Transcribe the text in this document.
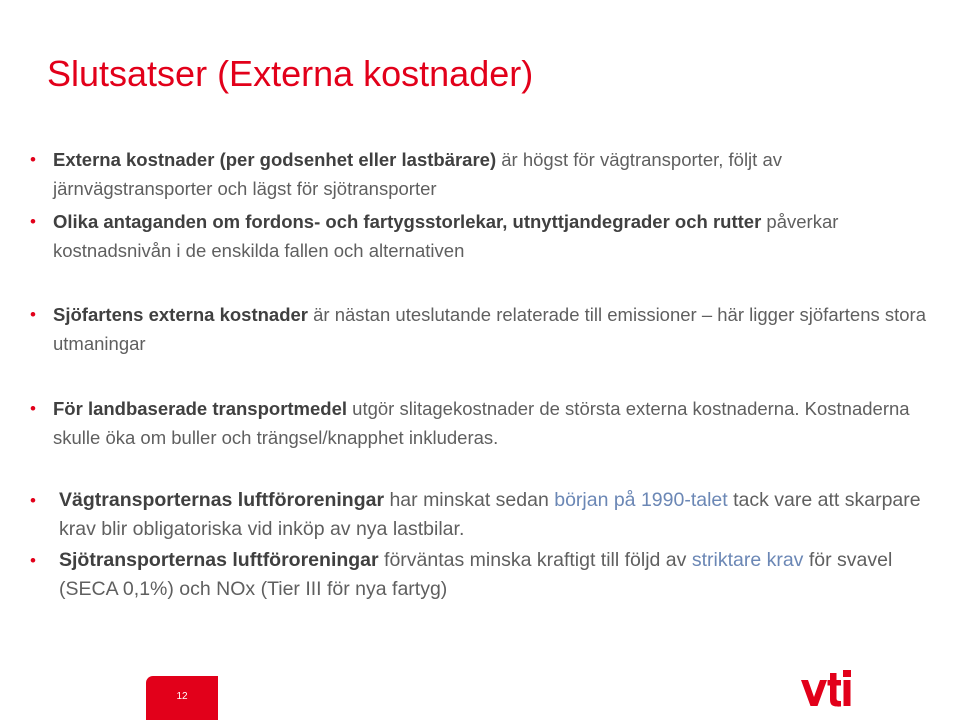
Slutsatser (Externa kostnader)
• Externa kostnader (per godsenhet eller lastbärare) är högst för vägtransporter, följt av järnvägstransporter och lägst för sjötransporter
• Olika antaganden om fordons- och fartygsstorlekar, utnyttjandegrader och rutter påverkar kostnadsnivån i de enskilda fallen och alternativen
• Sjöfartens externa kostnader är nästan uteslutande relaterade till emissioner – här ligger sjöfartens stora utmaningar
• För landbaserade transportmedel utgör slitagekostnader de största externa kostnaderna. Kostnaderna skulle öka om buller och trängsel/knapphet inkluderas.
• Vägtransporternas luftföroreningar har minskat sedan början på 1990-talet tack vare att skarpare krav blir obligatoriska vid inköp av nya lastbilar.
• Sjötransporternas luftföroreningar förväntas minska kraftigt till följd av striktare krav för svavel (SECA 0,1%) och NOx (Tier III för nya fartyg)
12
